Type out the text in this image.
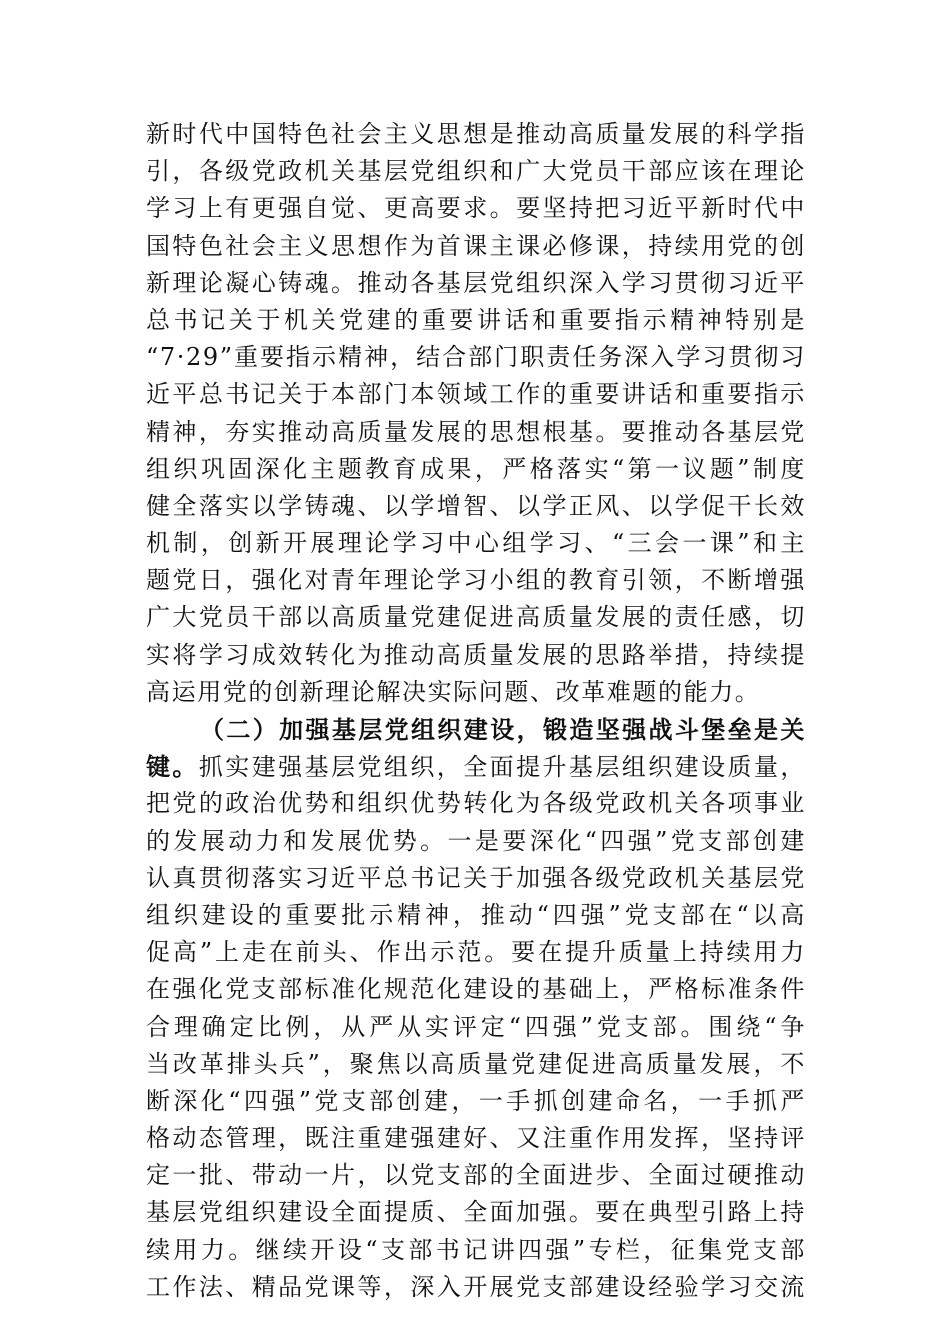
新时代中国特色社会主义思想是推动高质量发展的科学指
引，各级党政机关基层党组织和广大党员干部应该在理论
学习上有更强自觉、更高要求。要坚持把习近平新时代中
国特色社会主义思想作为首课主课必修课，持续用党的创
新理论凝心铸魂。推动各基层党组织深入学习贯彻习近平
总书记关于机关党建的重要讲话和重要指示精神特别是
“7·29”重要指示精神，结合部门职责任务深入学习贯彻习
近平总书记关于本部门本领域工作的重要讲话和重要指示
精神，夯实推动高质量发展的思想根基。要推动各基层党
组织巩固深化主题教育成果，严格落实“第一议题”制度
健全落实以学铸魂、以学增智、以学正风、以学促干长效
机制，创新开展理论学习中心组学习、“三会一课”和主
题党日，强化对青年理论学习小组的教育引领，不断增强
广大党员干部以高质量党建促进高质量发展的责任感，切
实将学习成效转化为推动高质量发展的思路举措，持续提
高运用党的创新理论解决实际问题、改革难题的能力。
（二）加强基层党组织建设，锻造坚强战斗堡垒是关
键。抓实建强基层党组织，全面提升基层组织建设质量，
把党的政治优势和组织优势转化为各级党政机关各项事业
的发展动力和发展优势。一是要深化“四强”党支部创建
认真贯彻落实习近平总书记关于加强各级党政机关基层党
组织建设的重要批示精神，推动“四强”党支部在“以高
促高”上走在前头、作出示范。要在提升质量上持续用力
在强化党支部标准化规范化建设的基础上，严格标准条件
合理确定比例，从严从实评定“四强”党支部。围绕“争
当改革排头兵”，聚焦以高质量党建促进高质量发展，不
断深化“四强”党支部创建，一手抓创建命名，一手抓严
格动态管理，既注重建强建好、又注重作用发挥，坚持评
定一批、带动一片，以党支部的全面进步、全面过硬推动
基层党组织建设全面提质、全面加强。要在典型引路上持
续用力。继续开设“支部书记讲四强”专栏，征集党支部
工作法、精品党课等，深入开展党支部建设经验学习交流
